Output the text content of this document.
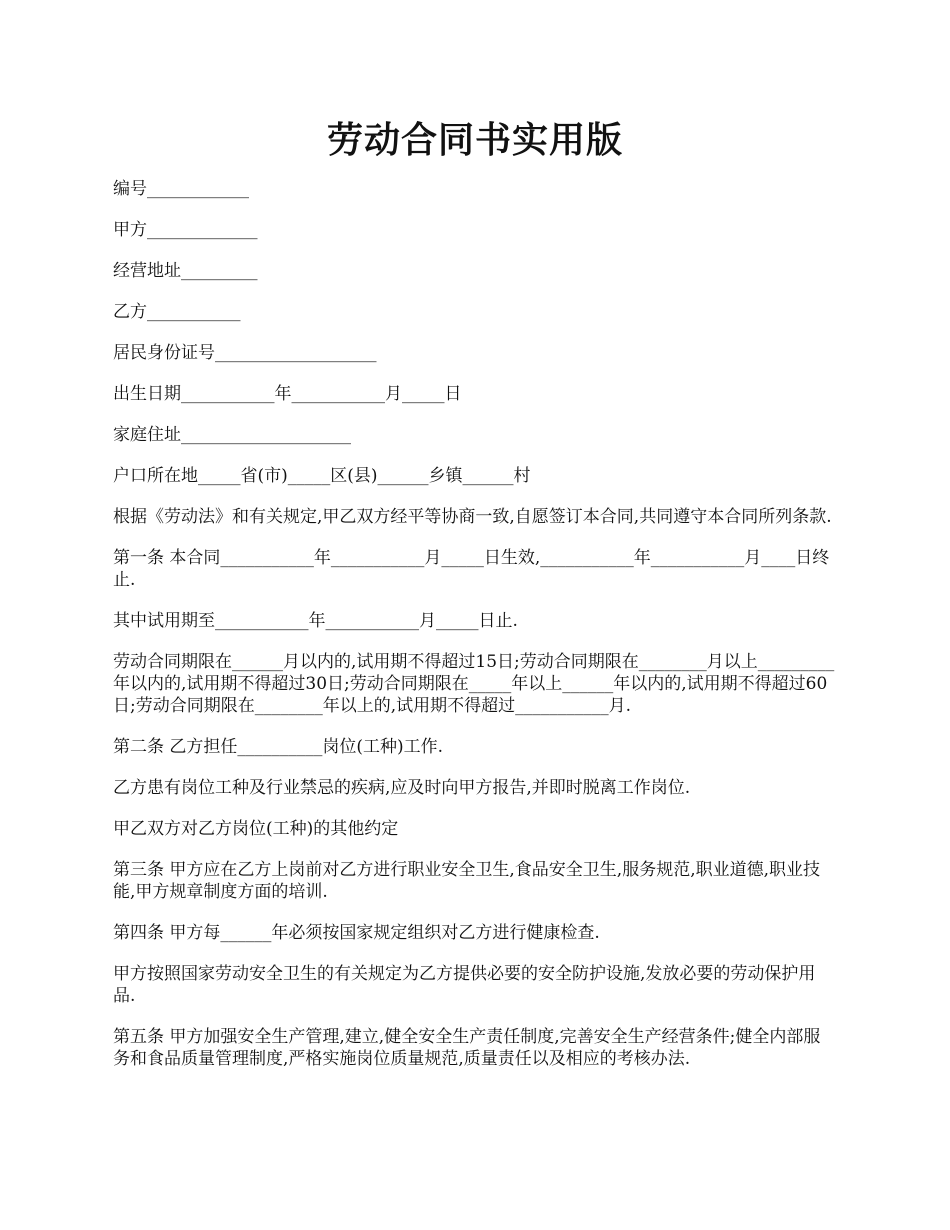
劳动合同书实用版

编号____________

甲方_____________

经营地址_________

乙方___________

居民身份证号___________________

出生日期___________年___________月_____日

家庭住址____________________

户口所在地_____省(市)_____区(县)______乡镇______村

根据《劳动法》和有关规定,甲乙双方经平等协商一致,自愿签订本合同,共同遵守本合同所列条款.

第一条 本合同___________年___________月_____日生效,___________年___________月____日终止.

其中试用期至___________年___________月_____日止.

劳动合同期限在______月以内的,试用期不得超过15日;劳动合同期限在________月以上_________年以内的,试用期不得超过30日;劳动合同期限在_____年以上______年以内的,试用期不得超过60日;劳动合同期限在________年以上的,试用期不得超过___________月.

第二条 乙方担任__________岗位(工种)工作.

乙方患有岗位工种及行业禁忌的疾病,应及时向甲方报告,并即时脱离工作岗位.

甲乙双方对乙方岗位(工种)的其他约定

第三条 甲方应在乙方上岗前对乙方进行职业安全卫生,食品安全卫生,服务规范,职业道德,职业技能,甲方规章制度方面的培训.

第四条 甲方每______年必须按国家规定组织对乙方进行健康检查.

甲方按照国家劳动安全卫生的有关规定为乙方提供必要的安全防护设施,发放必要的劳动保护用品.

第五条 甲方加强安全生产管理,建立,健全安全生产责任制度,完善安全生产经营条件;健全内部服务和食品质量管理制度,严格实施岗位质量规范,质量责任以及相应的考核办法.
